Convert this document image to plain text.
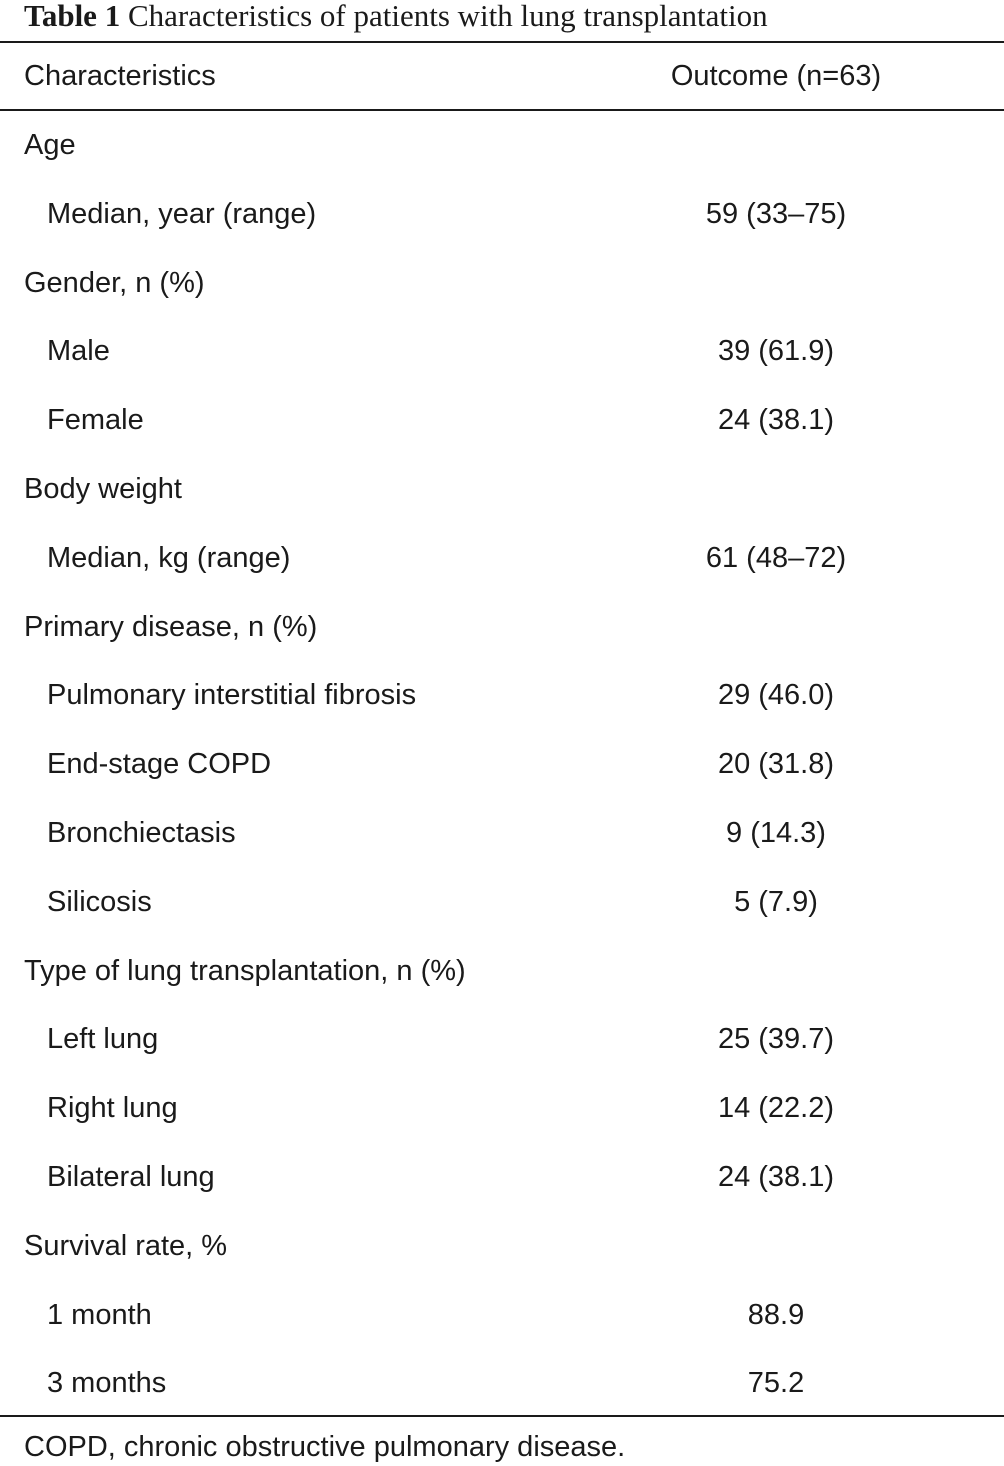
Table 1 Characteristics of patients with lung transplantation
Characteristics	Outcome (n=63)
Age
Median, year (range)	59 (33–75)
Gender, n (%)
Male	39 (61.9)
Female	24 (38.1)
Body weight
Median, kg (range)	61 (48–72)
Primary disease, n (%)
Pulmonary interstitial fibrosis	29 (46.0)
End-stage COPD	20 (31.8)
Bronchiectasis	9 (14.3)
Silicosis	5 (7.9)
Type of lung transplantation, n (%)
Left lung	25 (39.7)
Right lung	14 (22.2)
Bilateral lung	24 (38.1)
Survival rate, %
1 month	88.9
3 months	75.2
COPD, chronic obstructive pulmonary disease.
